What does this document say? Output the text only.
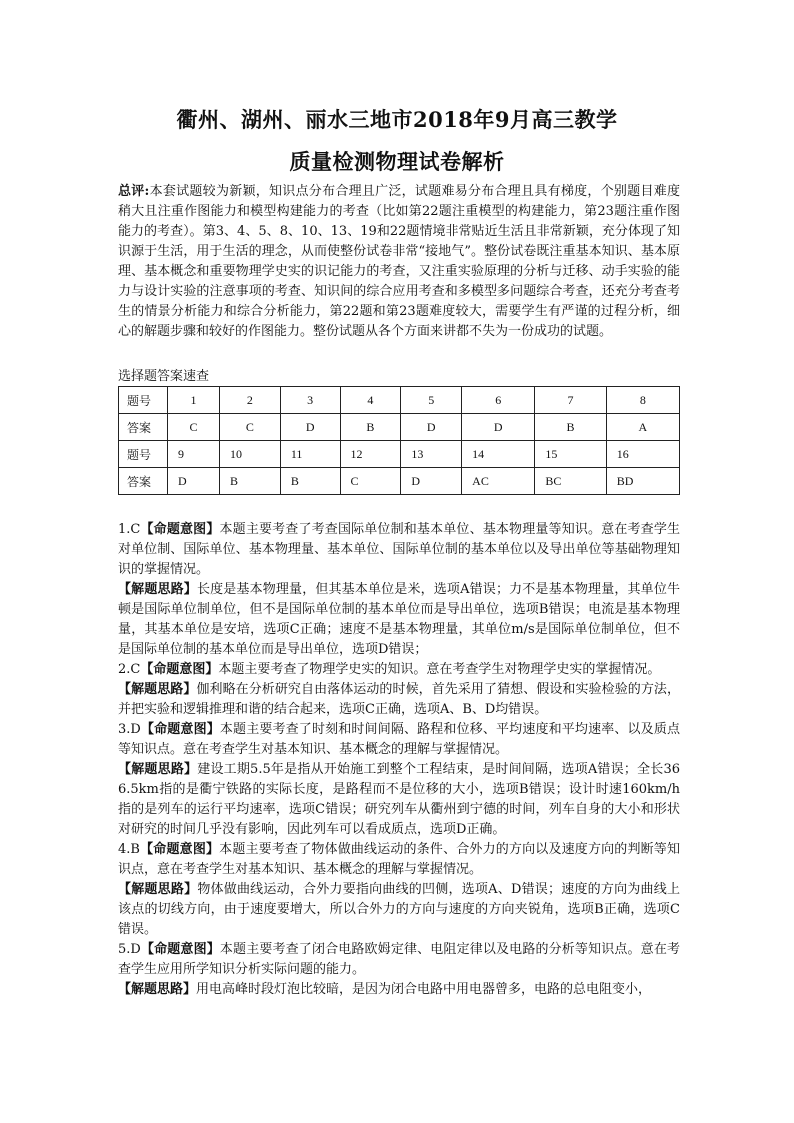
衢州、湖州、丽水三地市2018年9月高三教学
质量检测物理试卷解析
总评:本套试题较为新颖，知识点分布合理且广泛，试题难易分布合理且具有梯度，个别题目难度稍大且注重作图能力和模型构建能力的考查（比如第22题注重模型的构建能力，第23题注重作图能力的考查）。第3、4、5、8、10、13、19和22题情境非常贴近生活且非常新颖，充分体现了知识源于生活，用于生活的理念，从而使整份试卷非常“接地气”。整份试卷既注重基本知识、基本原理、基本概念和重要物理学史实的识记能力的考查，又注重实验原理的分析与迁移、动手实验的能力与设计实验的注意事项的考查、知识间的综合应用考查和多模型多问题综合考查，还充分考查考生的情景分析能力和综合分析能力，第22题和第23题难度较大，需要学生有严谨的过程分析，细心的解题步骤和较好的作图能力。整份试题从各个方面来讲都不失为一份成功的试题。
选择题答案速查
题号	1	2	3	4	5	6	7	8
答案	C	C	D	B	D	D	B	A
题号	9	10	11	12	13	14	15	16
答案	D	B	B	C	D	AC	BC	BD

1.C【命题意图】本题主要考查了考查国际单位制和基本单位、基本物理量等知识。意在考查学生对单位制、国际单位、基本物理量、基本单位、国际单位制的基本单位以及导出单位等基础物理知识的掌握情况。

【解题思路】长度是基本物理量，但其基本单位是米，选项A错误；力不是基本物理量，其单位牛顿是国际单位制单位，但不是国际单位制的基本单位而是导出单位，选项B错误；电流是基本物理量，其基本单位是安培，选项C正确；速度不是基本物理量，其单位m/s是国际单位制单位，但不是国际单位制的基本单位而是导出单位，选项D错误；

2.C【命题意图】本题主要考查了物理学史实的知识。意在考查学生对物理学史实的掌握情况。

【解题思路】伽利略在分析研究自由落体运动的时候，首先采用了猜想、假设和实验检验的方法，并把实验和逻辑推理和谐的结合起来，选项C正确，选项A、B、D均错误。

3.D【命题意图】本题主要考查了时刻和时间间隔、路程和位移、平均速度和平均速率、以及质点等知识点。意在考查学生对基本知识、基本概念的理解与掌握情况。

【解题思路】建设工期5.5年是指从开始施工到整个工程结束，是时间间隔，选项A错误；全长366.5km指的是衢宁铁路的实际长度，是路程而不是位移的大小，选项B错误；设计时速160km/h指的是列车的运行平均速率，选项C错误；研究列车从衢州到宁德的时间，列车自身的大小和形状对研究的时间几乎没有影响，因此列车可以看成质点，选项D正确。

4.B【命题意图】本题主要考查了物体做曲线运动的条件、合外力的方向以及速度方向的判断等知识点，意在考查学生对基本知识、基本概念的理解与掌握情况。

【解题思路】物体做曲线运动，合外力要指向曲线的凹侧，选项A、D错误；速度的方向为曲线上该点的切线方向，由于速度要增大，所以合外力的方向与速度的方向夹锐角，选项B正确，选项C错误。

5.D【命题意图】本题主要考查了闭合电路欧姆定律、电阻定律以及电路的分析等知识点。意在考查学生应用所学知识分析实际问题的能力。

【解题思路】用电高峰时段灯泡比较暗，是因为闭合电路中用电器曾多，电路的总电阻变小，
